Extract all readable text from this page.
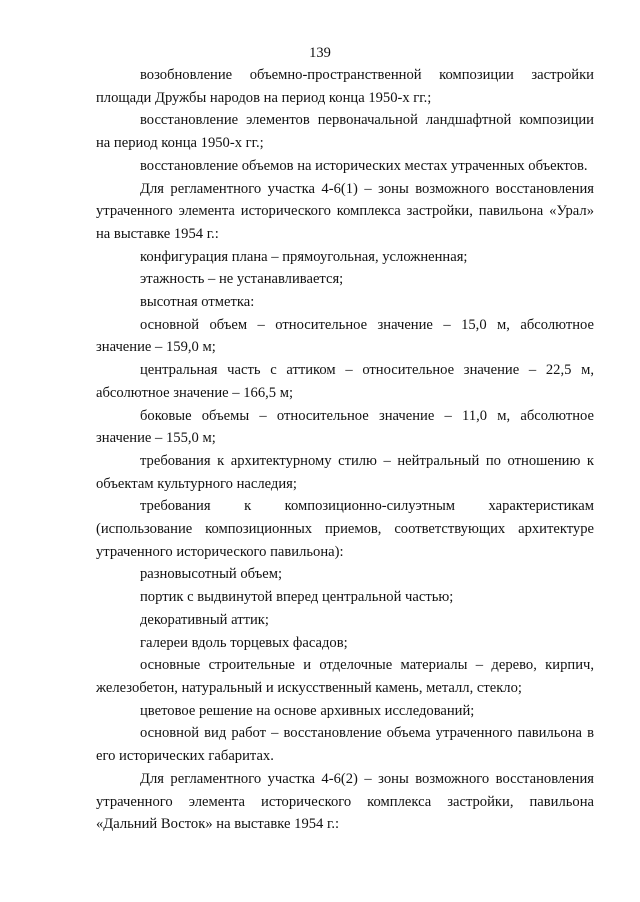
139

возобновление объемно-пространственной композиции застройки площади Дружбы народов на период конца 1950-х гг.;

восстановление элементов первоначальной ландшафтной композиции на период конца 1950-х гг.;

восстановление объемов на исторических местах утраченных объектов.

Для регламентного участка 4-6(1) – зоны возможного восстановления утраченного элемента исторического комплекса застройки, павильона «Урал» на выставке 1954 г.:

конфигурация плана – прямоугольная, усложненная;

этажность – не устанавливается;

высотная отметка:

основной объем – относительное значение – 15,0 м, абсолютное значение – 159,0 м;

центральная часть с аттиком – относительное значение – 22,5 м, абсолютное значение – 166,5 м;

боковые объемы – относительное значение – 11,0 м, абсолютное значение – 155,0 м;

требования к архитектурному стилю – нейтральный по отношению к объектам культурного наследия;

требования к композиционно-силуэтным характеристикам (использование композиционных приемов, соответствующих архитектуре утраченного исторического павильона):

разновысотный объем;

портик с выдвинутой вперед центральной частью;

декоративный аттик;

галереи вдоль торцевых фасадов;

основные строительные и отделочные материалы – дерево, кирпич, железобетон, натуральный и искусственный камень, металл, стекло;

цветовое решение на основе архивных исследований;

основной вид работ – восстановление объема утраченного павильона в его исторических габаритах.

Для регламентного участка 4-6(2) – зоны возможного восстановления утраченного элемента исторического комплекса застройки, павильона «Дальний Восток» на выставке 1954 г.:
